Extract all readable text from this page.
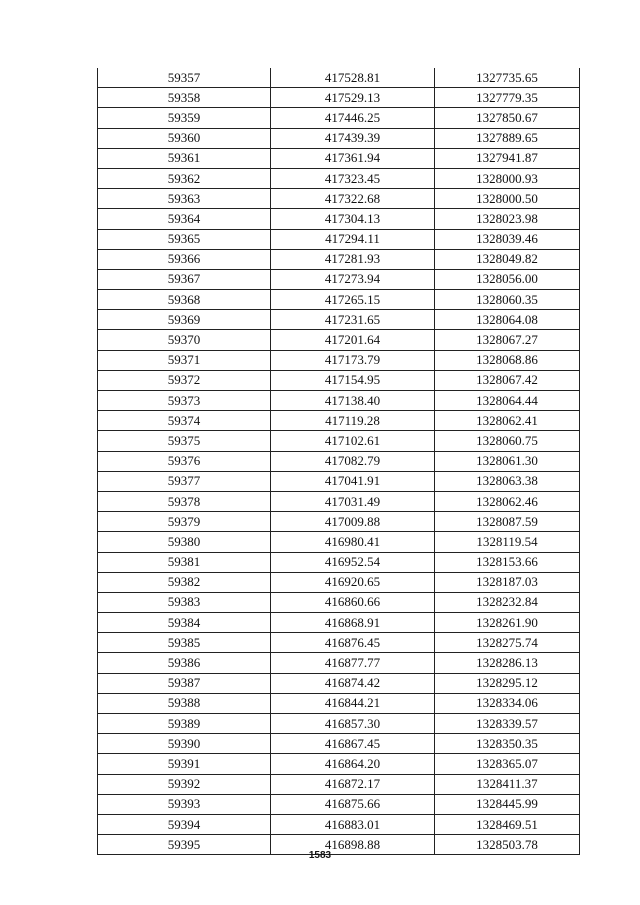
59357	417528.81	1327735.65
59358	417529.13	1327779.35
59359	417446.25	1327850.67
59360	417439.39	1327889.65
59361	417361.94	1327941.87
59362	417323.45	1328000.93
59363	417322.68	1328000.50
59364	417304.13	1328023.98
59365	417294.11	1328039.46
59366	417281.93	1328049.82
59367	417273.94	1328056.00
59368	417265.15	1328060.35
59369	417231.65	1328064.08
59370	417201.64	1328067.27
59371	417173.79	1328068.86
59372	417154.95	1328067.42
59373	417138.40	1328064.44
59374	417119.28	1328062.41
59375	417102.61	1328060.75
59376	417082.79	1328061.30
59377	417041.91	1328063.38
59378	417031.49	1328062.46
59379	417009.88	1328087.59
59380	416980.41	1328119.54
59381	416952.54	1328153.66
59382	416920.65	1328187.03
59383	416860.66	1328232.84
59384	416868.91	1328261.90
59385	416876.45	1328275.74
59386	416877.77	1328286.13
59387	416874.42	1328295.12
59388	416844.21	1328334.06
59389	416857.30	1328339.57
59390	416867.45	1328350.35
59391	416864.20	1328365.07
59392	416872.17	1328411.37
59393	416875.66	1328445.99
59394	416883.01	1328469.51
59395	416898.88	1328503.78
1583
